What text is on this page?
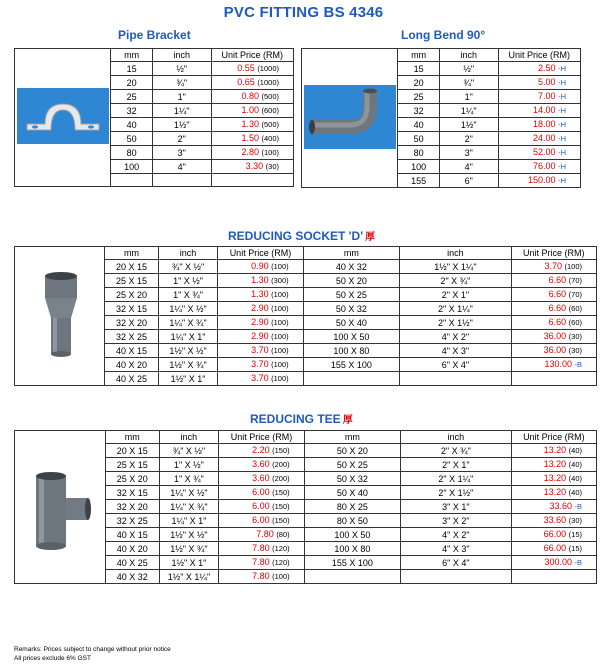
PVC FITTING BS 4346
Pipe Bracket	Long Bend 90°
	mm	inch	Unit Price (RM)
	15	½"	0.55 (1000)
	20	¾"	0.65 (1000)
	25	1"	0.80 (500)
	32	1¼"	1.00 (600)
	40	1½"	1.30 (500)
	50	2"	1.50 (400)
	80	3"	2.80 (100)
	100	4"	3.30 (30)

	mm	inch	Unit Price (RM)
	15	½"	2.50 -H
	20	¾"	5.00 -H
	25	1"	7.00 -H
	32	1¼"	14.00 -H
	40	1½"	18.00 -H
	50	2"	24.00 -H
	80	3"	52.00 -H
	100	4"	76.00 -H
	155	6"	150.00 -H
REDUCING SOCKET 'D' 厚
	mm	inch	Unit Price (RM)	mm	inch	Unit Price (RM)
	20 X 15	¾" X ½"	0.90 (100)	40 X 32	1½" X 1¼"	3.70 (100)
	25 X 15	1" X ½"	1.30 (300)	50 X 20	2" X ¾"	6.60 (70)
	25 X 20	1" X ¾"	1.30 (100)	50 X 25	2" X 1"	6.60 (70)
	32 X 15	1¼" X ½"	2.90 (100)	50 X 32	2" X 1¼"	6.60 (60)
	32 X 20	1¼" X ¾"	2.90 (100)	50 X 40	2" X 1½"	6.60 (60)
	32 X 25	1¼" X 1"	2.90 (100)	100 X 50	4" X 2"	36.00 (30)
	40 X 15	1½" X ½"	3.70 (100)	100 X 80	4" X 3"	36.00 (30)
	40 X 20	1½" X ¾"	3.70 (100)	155 X 100	6" X 4"	130.00 -B
	40 X 25	1½" X 1"	3.70 (100)			
REDUCING TEE 厚
	mm	inch	Unit Price (RM)	mm	inch	Unit Price (RM)
	20 X 15	¾" X ½"	2.20 (150)	50 X 20	2" X ¾"	13.20 (40)
	25 X 15	1" X ½"	3.60 (200)	50 X 25	2" X 1"	13.20 (40)
	25 X 20	1" X ¾"	3.60 (200)	50 X 32	2" X 1¼"	13.20 (40)
	32 X 15	1¼" X ½"	6.00 (150)	50 X 40	2" X 1½"	13.20 (40)
	32 X 20	1¼" X ¾"	6.00 (150)	80 X 25	3" X 1"	33.60 -B
	32 X 25	1¼" X 1"	6.00 (150)	80 X 50	3" X 2"	33.60 (30)
	40 X 15	1½" X ½"	7.80 (80)	100 X 50	4" X 2"	66.00 (15)
	40 X 20	1½" X ¾"	7.80 (120)	100 X 80	4" X 3"	66.00 (15)
	40 X 25	1½" X 1"	7.80 (120)	155 X 100	6" X 4"	300.00 -B
	40 X 32	1½" X 1¼"	7.80 (100)			
Remarks: Prices subject to change without prior notice
All prices exclude 6% GST
